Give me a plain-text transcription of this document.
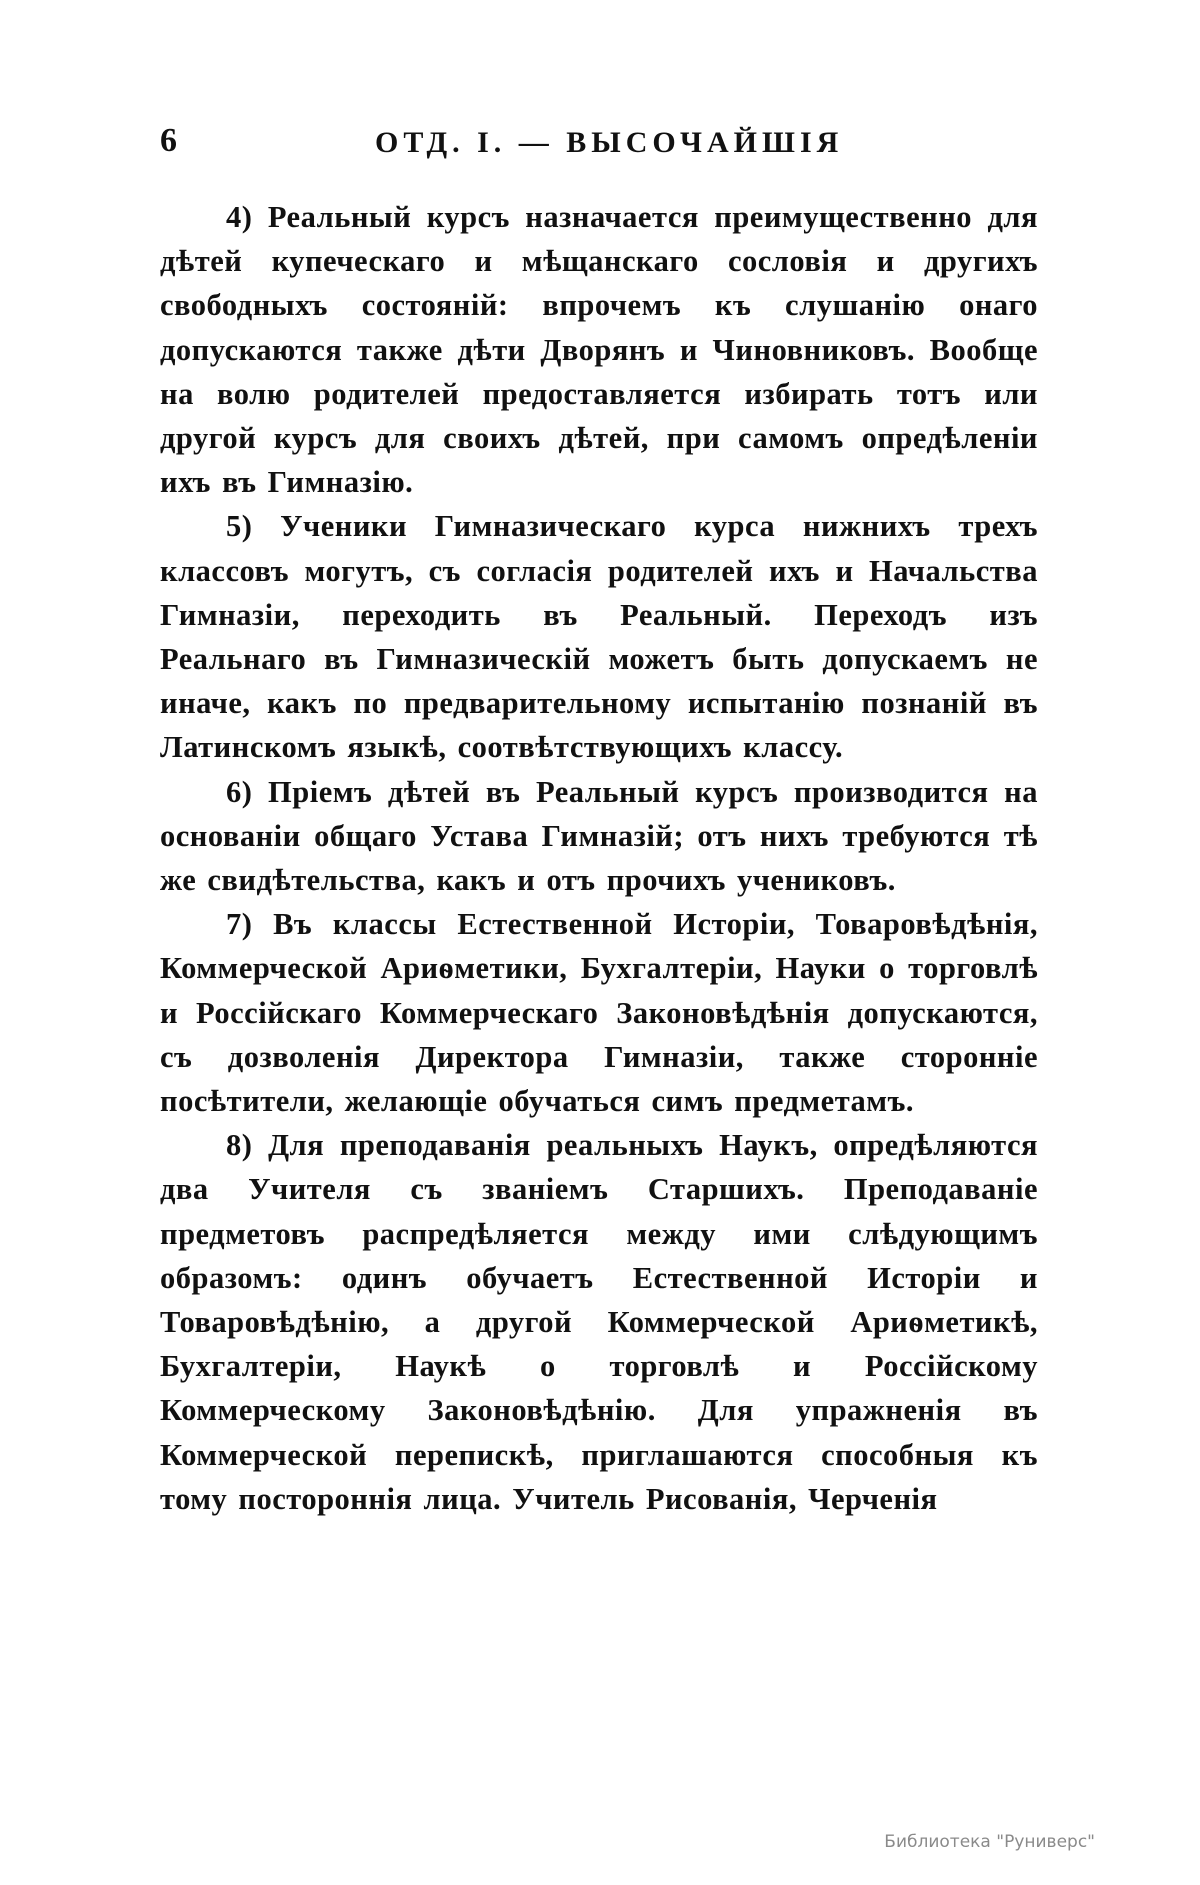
6	ОТД. I. — ВЫСОЧАЙШІЯ

4) Реальный курсъ назначается преимущественно для дѣтей купеческаго и мѣщанскаго сословія и другихъ свободныхъ состояній: впрочемъ къ слушанію онаго допускаются также дѣти Дворянъ и Чиновниковъ. Вообще на волю родителей предоставляется избирать тотъ или другой курсъ для своихъ дѣтей, при самомъ опредѣленіи ихъ въ Гимназію.

5) Ученики Гимназическаго курса нижнихъ трехъ классовъ могутъ, съ согласія родителей ихъ и Начальства Гимназіи, переходить въ Реальный. Переходъ изъ Реальнаго въ Гимназическій можетъ быть допускаемъ не иначе, какъ по предварительному испытанію познаній въ Латинскомъ языкѣ, соотвѣтствующихъ классу.

6) Пріемъ дѣтей въ Реальный курсъ производится на основаніи общаго Устава Гимназій; отъ нихъ требуются тѣ же свидѣтельства, какъ и отъ прочихъ учениковъ.

7) Въ классы Естественной Исторіи, Товаровѣдѣнія, Коммерческой Ариѳметики, Бухгалтеріи, Науки о торговлѣ и Россійскаго Коммерческаго Законовѣдѣнія допускаются, съ дозволенія Директора Гимназіи, также сторонніе посѣтители, желающіе обучаться симъ предметамъ.

8) Для преподаванія реальныхъ Наукъ, опредѣляются два Учителя съ званіемъ Старшихъ. Преподаваніе предметовъ распредѣляется между ими слѣдующимъ образомъ: одинъ обучаетъ Естественной Исторіи и Товаровѣдѣнію, а другой Коммерческой Ариѳметикѣ, Бухгалтеріи, Наукѣ о торговлѣ и Россійскому Коммерческому Законовѣдѣнію. Для упражненія въ Коммерческой перепискѣ, приглашаются способныя къ тому постороннія лица. Учитель Рисованія, Черченія

Библиотека "Руниверс"
